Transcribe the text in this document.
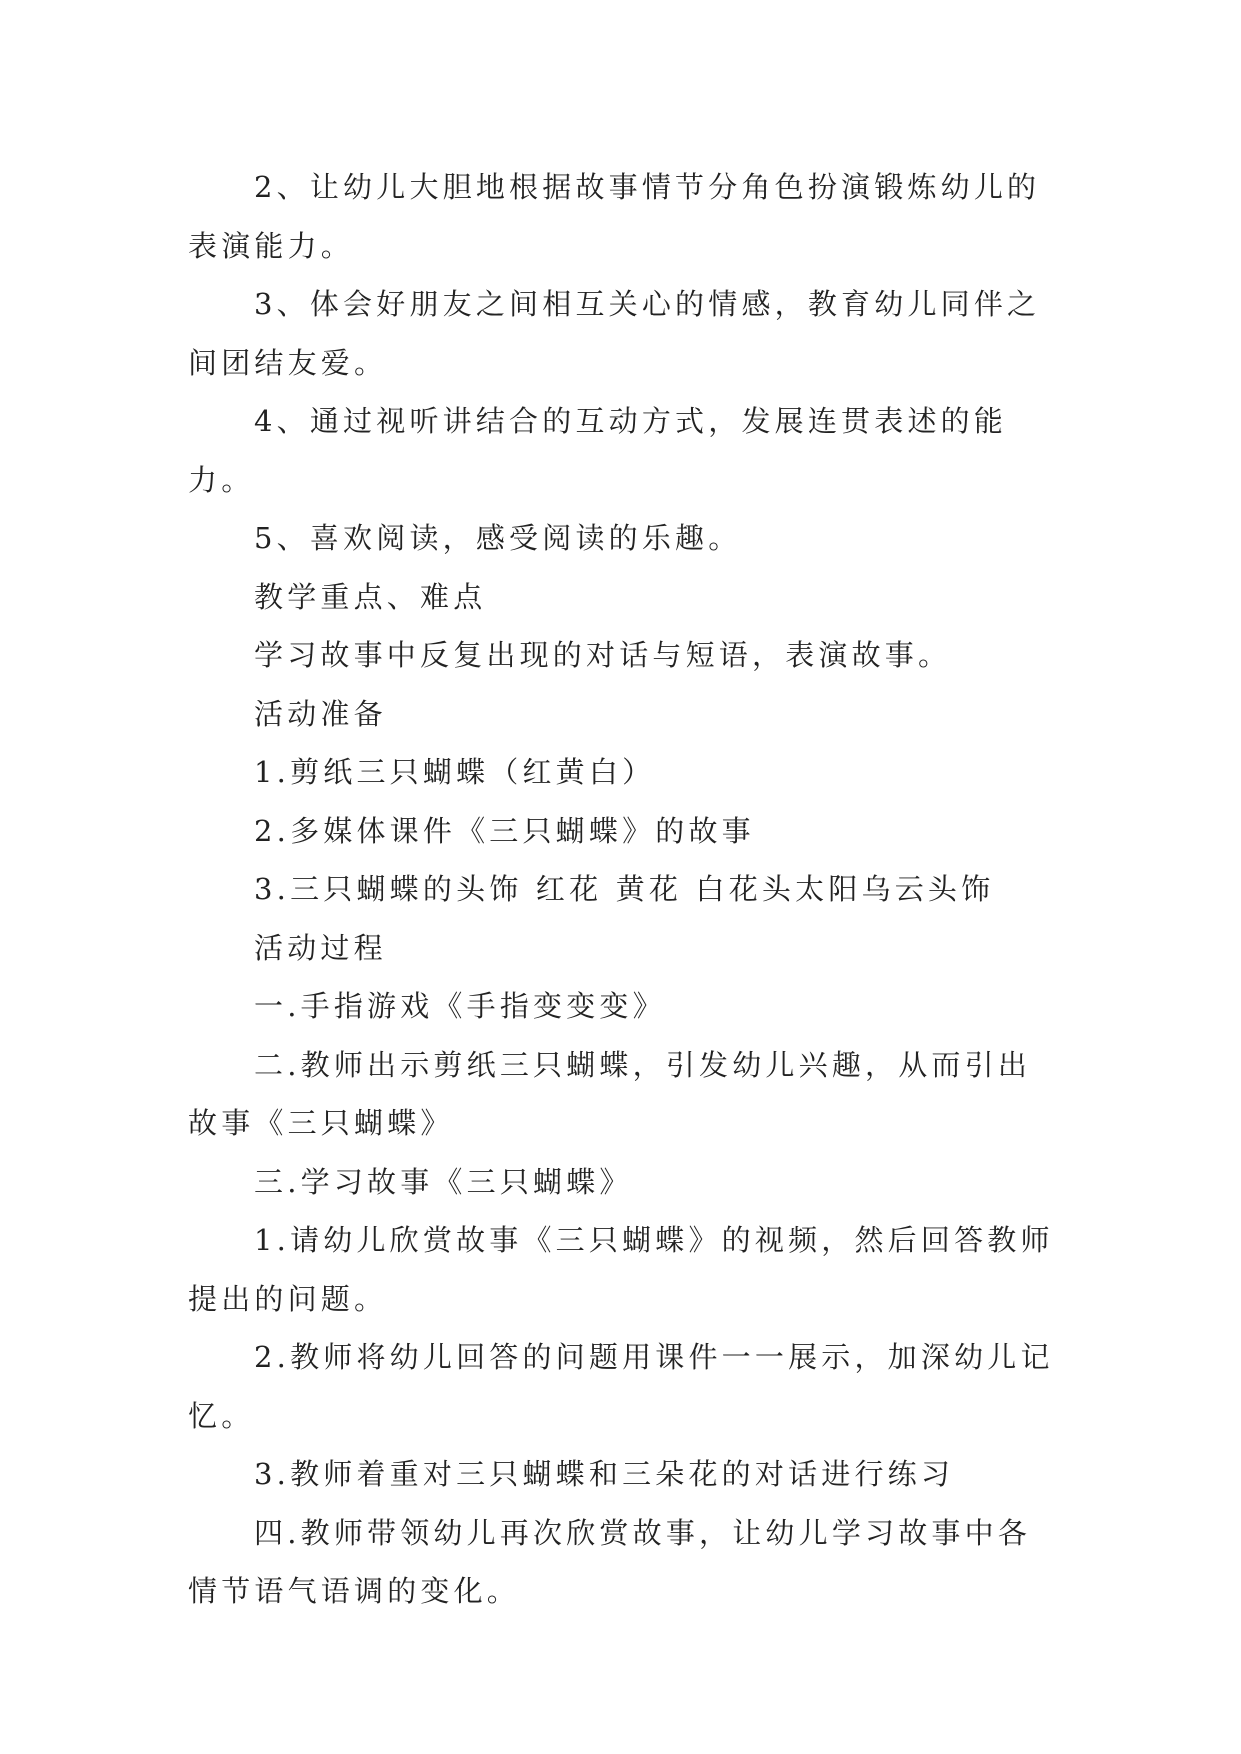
2、让幼儿大胆地根据故事情节分角色扮演锻炼幼儿的表演能力。

3、体会好朋友之间相互关心的情感，教育幼儿同伴之间团结友爱。

4、通过视听讲结合的互动方式，发展连贯表述的能力。

5、喜欢阅读，感受阅读的乐趣。

教学重点、难点

学习故事中反复出现的对话与短语，表演故事。

活动准备

1.剪纸三只蝴蝶（红黄白）

2.多媒体课件《三只蝴蝶》的故事

3.三只蝴蝶的头饰 红花 黄花 白花头太阳乌云头饰

活动过程

一.手指游戏《手指变变变》

二.教师出示剪纸三只蝴蝶，引发幼儿兴趣，从而引出故事《三只蝴蝶》

三.学习故事《三只蝴蝶》

1.请幼儿欣赏故事《三只蝴蝶》的视频，然后回答教师提出的问题。

2.教师将幼儿回答的问题用课件一一展示，加深幼儿记忆。

3.教师着重对三只蝴蝶和三朵花的对话进行练习

四.教师带领幼儿再次欣赏故事，让幼儿学习故事中各情节语气语调的变化。
